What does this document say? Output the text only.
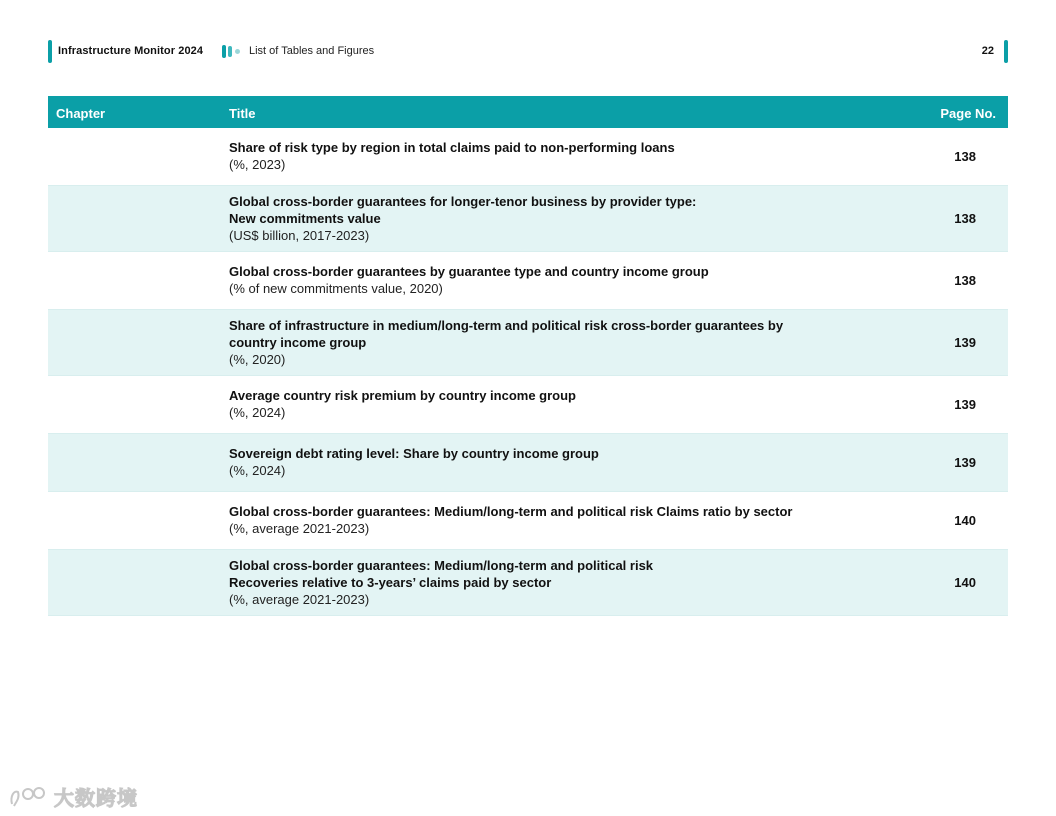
Infrastructure Monitor 2024	List of Tables and Figures	22
Chapter	Title	Page No.
Share of risk type by region in total claims paid to non-performing loans
(%, 2023)
138
Global cross-border guarantees for longer-tenor business by provider type:
New commitments value
(US$ billion, 2017-2023)
138
Global cross-border guarantees by guarantee type and country income group
(% of new commitments value, 2020)
138
Share of infrastructure in medium/long-term and political risk cross-border guarantees by
country income group
(%, 2020)
139
Average country risk premium by country income group
(%, 2024)
139
Sovereign debt rating level: Share by country income group
(%, 2024)
139
Global cross-border guarantees: Medium/long-term and political risk Claims ratio by sector
(%, average 2021-2023)
140
Global cross-border guarantees: Medium/long-term and political risk
Recoveries relative to 3-years’ claims paid by sector
(%, average 2021-2023)
140
大数跨境
